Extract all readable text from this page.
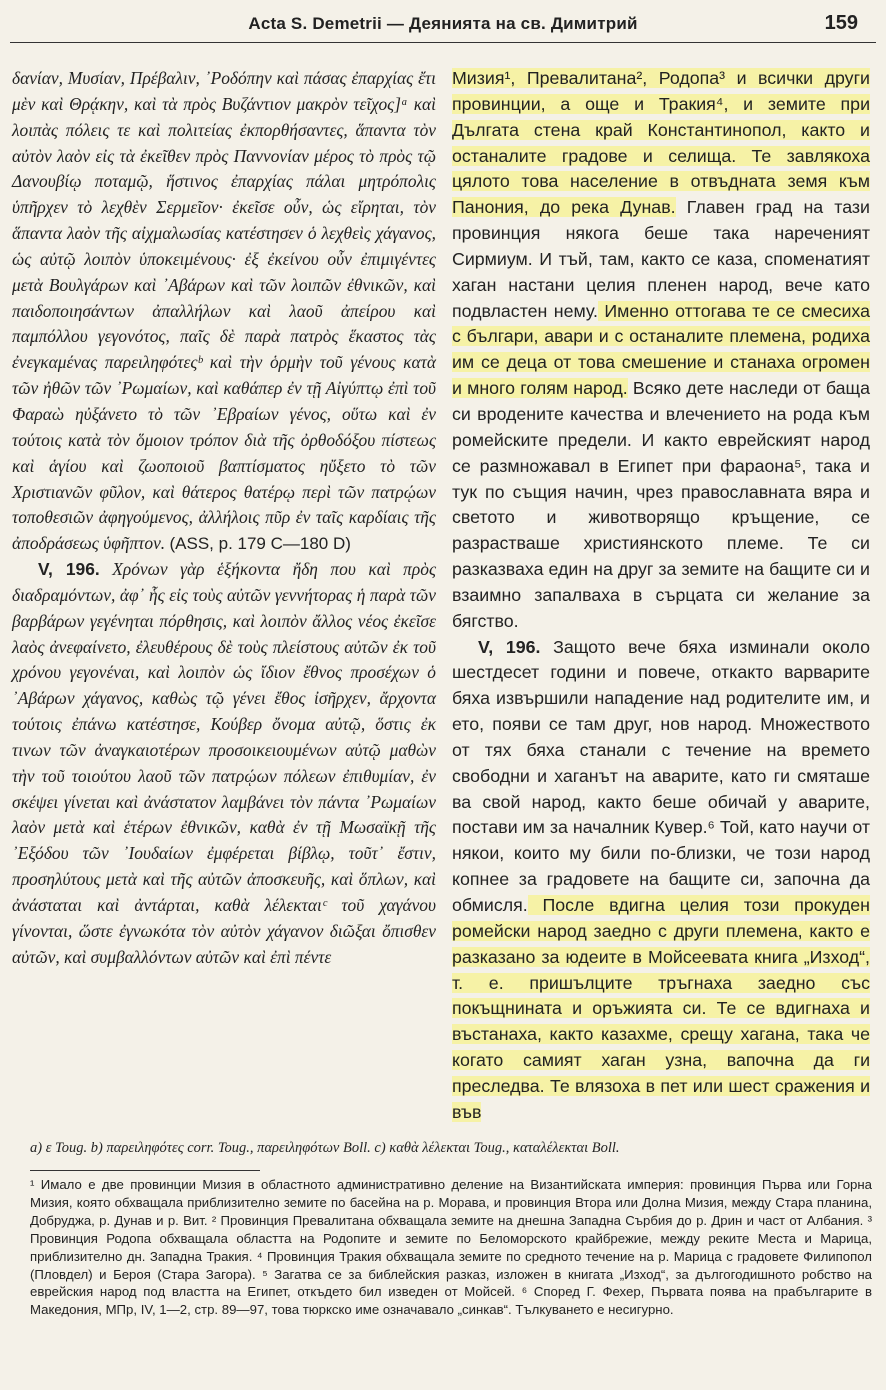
Acta S. Demetrii — Деянията на св. Димитрий	159

δανίαν, Μυσίαν, Πρέβαλιν, ᾿Ροδόπην καὶ πάσας ἐπαρχίας ἔτι μὲν καὶ Θρᾴκην, καὶ τὰ πρὸς Βυζάντιον μακρὸν τεῖχος]ᵃ καὶ λοιπὰς πόλεις τε καὶ πολιτείας ἐκπορθήσαντες, ἅπαντα τὸν αὐτὸν λαὸν εἰς τὰ ἐκεῖθεν πρὸς Παννονίαν μέρος τὸ πρὸς τῷ Δανουβίῳ ποταμῷ, ἥστινος ἐπαρχίας πάλαι μητρόπολις ὑπῆρχεν τὸ λεχθὲν Σερμεῖον· ἐκεῖσε οὖν, ὡς εἴρηται, τὸν ἅπαντα λαὸν τῆς αἰχμαλωσίας κατέστησεν ὁ λεχθεὶς χάγανος, ὡς αὐτῷ λοιπὸν ὑποκειμένους· ἐξ ἐκείνου οὖν ἐπιμιγέντες μετὰ Βουλγάρων καὶ ᾿Αβάρων καὶ τῶν λοιπῶν ἐθνικῶν, καὶ παιδοποιησάντων ἀπαλλήλων καὶ λαοῦ ἀπείρου καὶ παμπόλλου γεγονότος, παῖς δὲ παρὰ πατρὸς ἕκαστος τὰς ἐνεγκαμένας παρειληφότεςᵇ καὶ τὴν ὁρμὴν τοῦ γένους κατὰ τῶν ἠθῶν τῶν ᾿Ρωμαίων, καὶ καθάπερ ἐν τῇ Αἰγύπτῳ ἐπὶ τοῦ Φαραὼ ηὐξάνετο τὸ τῶν ᾿Εβραίων γένος, οὕτω καὶ ἐν τούτοις κατὰ τὸν ὅμοιον τρόπον διὰ τῆς ὀρθοδόξου πίστεως καὶ ἁγίου καὶ ζωοποιοῦ βαπτίσματος ηὔξετο τὸ τῶν Χριστιανῶν φῦλον, καὶ θάτερος θατέρῳ περὶ τῶν πατρῴων τοποθεσιῶν ἀφηγούμενος, ἀλλήλοις πῦρ ἐν ταῖς καρδίαις τῆς ἀποδράσεως ὑφῆπτον. (ASS, p. 179 C—180 D)

V, 196. Χρόνων γὰρ ἑξήκοντα ἤδη που καὶ πρὸς διαδραμόντων, ἀφ᾿ ἧς εἰς τοὺς αὐτῶν γεννήτορας ἡ παρὰ τῶν βαρβάρων γεγένηται πόρθησις, καὶ λοιπὸν ἄλλος νέος ἐκεῖσε λαὸς ἀνεφαίνετο, ἐλευθέρους δὲ τοὺς πλείστους αὐτῶν ἐκ τοῦ χρόνου γεγονέναι, καὶ λοιπὸν ὡς ἴδιον ἔθνος προσέχων ὁ ᾿Αβάρων χάγανος, καθὼς τῷ γένει ἔθος ἰσῆρχεν, ἄρχοντα τούτοις ἐπάνω κατέστησε, Κούβερ ὄνομα αὐτῷ, ὅστις ἐκ τινων τῶν ἀναγκαιοτέρων προσοικειουμένων αὐτῷ μαθὼν τὴν τοῦ τοιούτου λαοῦ τῶν πατρῴων πόλεων ἐπιθυμίαν, ἐν σκέψει γίνεται καὶ ἀνάστατον λαμβάνει τὸν πάντα ᾿Ρωμαίων λαὸν μετὰ καὶ ἑτέρων ἐθνικῶν, καθὰ ἐν τῇ Μωσαϊκῇ τῆς ᾿Εξόδου τῶν ᾿Ιουδαίων ἐμφέρεται βίβλῳ, τοῦτ᾿ ἔστιν, προσηλύτους μετὰ καὶ τῆς αὐτῶν ἀποσκευῆς, καὶ ὅπλων, καὶ ἀνάσταται καὶ ἀντάρται, καθὰ λέλεκταιᶜ τοῦ χαγάνου γίνονται, ὥστε ἐγνωκότα τὸν αὐτὸν χάγανον διῶξαι ὄπισθεν αὐτῶν, καὶ συμβαλλόντων αὐτῶν καὶ ἐπὶ πέντε

Мизия¹, Превалитана², Родопа³ и всички други провинции, а още и Тракия⁴, и земите при Дългата стена край Константинопол, както и останалите градове и селища. Те завлякоха цялото това население в отвъдната земя към Панония, до река Дунав. Главен град на тази провинция някога беше така нареченият Сирмиум. И тъй, там, както се каза, споменатият хаган настани целия пленен народ, вече като подвластен нему. Именно оттогава те се смесиха с българи, авари и с останалите племена, родиха им се деца от това смешение и станаха огромен и много голям народ. Всяко дете наследи от баща си вродените качества и влечението на рода към ромейските предели. И както еврейският народ се размножавал в Египет при фараона⁵, така и тук по същия начин, чрез православната вяра и светото и животворящо кръщение, се разрастваше християнското племе. Те си разказваха един на друг за земите на бащите си и взаимно запалваха в сърцата си желание за бягство.

V, 196. Защото вече бяха изминали около шестдесет години и повече, откакто варварите бяха извършили нападение над родителите им, и ето, появи се там друг, нов народ. Множеството от тях бяха станали с течение на времето свободни и хаганът на аварите, като ги смяташе ва свой народ, както беше обичай у аварите, постави им за началник Кувер.⁶ Той, като научи от някои, които му били по-близки, че този народ копнее за градовете на бащите си, започна да обмисля. После вдигна целия този прокуден ромейски народ заедно с други племена, както е разказано за юдеите в Мойсеевата книга „Изход“, т. е. пришълците тръгнаха заедно със покъщнината и оръжията си. Те се вдигнаха и въстанаха, както казахме, срещу хагана, така че когато самият хаган узна, вапочна да ги преследва. Те влязоха в пет или шест сражения и във

a) ε Toug. b) παρειληφότες corr. Toug., παρειληφότων Boll. c) καθὰ λέλεκται Toug., καταλέλεκται Boll.

¹ Имало е две провинции Мизия в областното административно деление на Византийската империя: провинция Първа или Горна Мизия, която обхващала приблизително земите по басейна на р. Морава, и провинция Втора или Долна Мизия, между Стара планина, Добруджа, р. Дунав и р. Вит. ² Провинция Превалитана обхващала земите на днешна Западна Сърбия до р. Дрин и част от Албания. ³ Провинция Родопа обхващала областта на Родопите и земите по Беломорското крайбрежие, между реките Места и Марица, приблизително дн. Западна Тракия. ⁴ Провинция Тракия обхващала земите по средното течение на р. Марица с градовете Филипопол (Пловдел) и Бероя (Стара Загора). ⁵ Загатва се за библейския разказ, изложен в книгата „Изход“, за дългогодишното робство на еврейския народ под властта на Египет, откъдето бил изведен от Мойсей. ⁶ Според Г. Фехер, Първата поява на прабългарите в Македония, МПр, IV, 1—2, стр. 89—97, това тюркско име означавало „синкав“. Тълкуването е несигурно.
